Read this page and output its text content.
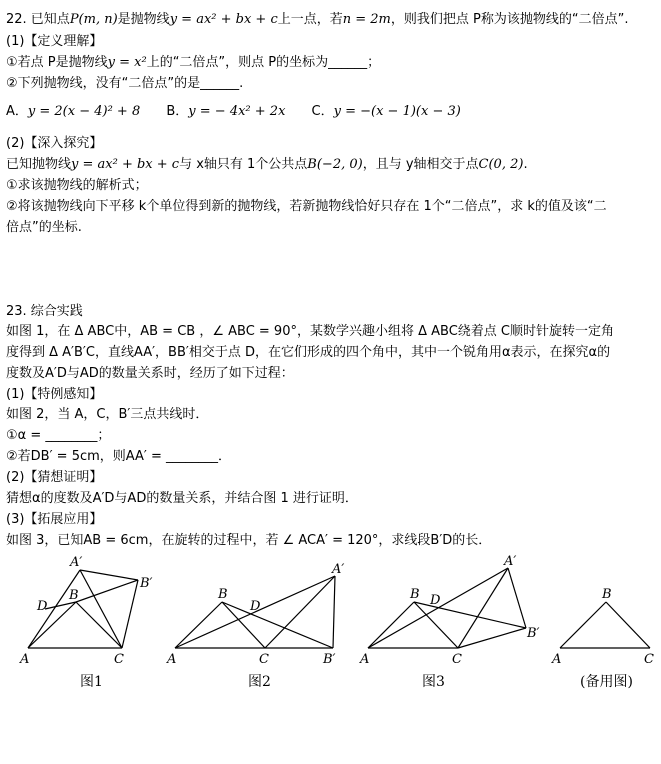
22. 已知点P(m, n)是抛物线y = ax² + bx + c上一点，若n = 2m，则我们把点 P称为该抛物线的“二倍点”.
(1)【定义理解】
①若点 P是抛物线y = x²上的“二倍点”，则点 P的坐标为______；
②下列抛物线，没有“二倍点”的是______.
A．y = 2(x − 4)² + 8 B．y = − 4x² + 2x C．y = −(x − 1)(x − 3)
(2)【深入探究】
已知抛物线y = ax² + bx + c与 x轴只有 1个公共点B(−2, 0)，且与 y轴相交于点C(0, 2).
①求该抛物线的解析式；
②将该抛物线向下平移 k个单位得到新的抛物线，若新抛物线恰好只存在 1个“二倍点”，求 k的值及该“二
倍点”的坐标.
23. 综合实践
如图 1，在 Δ ABC中，AB = CB ，∠ ABC = 90°，某数学兴趣小组将 Δ ABC绕着点 C顺时针旋转一定角
度得到 Δ A′B′C，直线AA′，BB′相交于点 D，在它们形成的四个角中，其中一个锐角用α表示，在探究α的
度数及A′D与AD的数量关系时，经历了如下过程：
(1)【特例感知】
如图 2，当 A，C，B′三点共线时．
①α = ________；
②若DB′ = 5cm，则AA′ = ________．
(2)【猜想证明】
猜想α的度数及A′D与AD的数量关系，并结合图 1 进行证明．
(3)【拓展应用】
如图 3，已知AB = 6cm，在旋转的过程中，若 ∠ ACA′ = 120°，求线段B′D的长．
A	C
B
A′
B′
D
A	C
B
D
A′
B′ A	C
B D
A′
B′
A	C
B
图1	图2	图3	(备用图)
